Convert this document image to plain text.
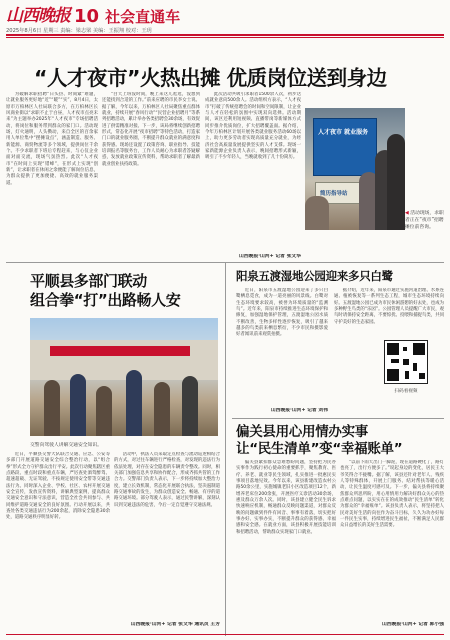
山西晚报 10 社会直通车
2025年8月6日 星期三 责编：梁志梁 美编：王振翔 校对：王玥
“人才夜市”火热出摊 优质岗位送到身边

为破解求职招聘“日头热、时间紧”难题，让就业服务更好地“近”“暖”“实”，8月4日，太原市万柏林区人社局联合多方，在万柏林区长风商业街以“求职不止于白昼，人才夜市点亮未来”为主题举办2025年“人才夜市”专场招聘活动，将岗位和服务带到群众的家门口。活动现场，灯火通明，人头攒动，来自全区的百余家用人单位集中“摆摊设点”，涵盖制造、服务、新能源、商贸物流等多个领域，提供岗位千余个。不少求职者下班后专程赶来，与心仪企业面对面交流，现场气氛热烈。此次“人才夜市”在时间上实现“错峰”，在形式上实现“创新”，让求职者在休闲之余便能了解岗位信息，为群众提供了更加便捷、高效的就业服务渠道。

“白天上班没时间，晚上来这儿逛逛，没想到还能找到合适的工作。”前来应聘的市民李女士说。据了解，今年以来，万柏林区人社局聚焦重点群体就业，持续开展“春风行动”“民营企业招聘月”等系列招聘活动，累计举办各类招聘会30余场，有效促进了供需精准对接。下一步，该局将继续创新招聘形式，常态化开展“夜市招聘”等特色活动，打造家门口的就业服务圈，不断提升群众就业的满意度和获得感。现场还设置了政策咨询、职业指导、技能培训报名等服务台，工作人员耐心为求职者答疑解惑，发放就业政策宣传资料，帮助求职者了解最新就业创业扶持政策。

此次活动共吸引求职者1500余人次，初步达成就业意向500余人。活动组织方表示，“人才夜市”打破了传统招聘会的时间和空间限制，让企业与人才在轻松的氛围中实现双向选择。活动期间，该区还利用短视频、直播带岗等新媒体方式同步推介优质岗位，扩大招聘覆盖面。据介绍，今年万柏林区计划开展各类就业服务活动60场以上，助力更多劳动者实现高质量充分就业，为经济社会高质量发展提供坚实的人才支撑。现场一家新能源企业负责人表示，晚间招聘形式新颖，吸引了不少年轻人，当晚就收到了几十份简历。

山西晚报·山河+ 记者 张文华
人才夜市 就业服务
简历指导站
◀ 活动现场，求职者正在“夜市”招聘摊位前咨询。
平顺县多部门联动
组合拳“打”出路畅人安
交警向驾驶人讲解交通安全知识。

近日，平顺县交警大队联合交通、应急、公安等多部门开展道路交通安全综合整治行动，以“组合拳”形式全力守护群众出行平安。此次行动聚焦辖区重点路段、重点时段和重点车辆，严厉查处酒驾醉驾、超速超载、无证驾驶、不按规定使用安全带等交通违法行为。同时深入企业、学校、社区、农村开展交通安全宣传，发放宣传资料，讲解典型案例，提高群众交通安全意识和守法意识，营造全社会共同参与、共同维护道路交通安全的良好氛围。行动开展以来，共查处各类交通违法行为200余起，消除安全隐患30余处，道路交通秩序明显好转。

活动中，执法人员采取定点检查与流动巡逻相结合的方式，对过往车辆进行严格检查，对发现的违法行为依法处理，对存在安全隐患的车辆责令整改。同时，相关部门加强信息共享和协作配合，形成齐抓共管的工作合力。交警部门负责人表示，下一步将持续加大整治力度，建立长效机制，常态化开展联合执法，坚决遏制道路交通事故的发生，为群众创造安全、畅通、有序的道路交通环境。部分驾驶人表示，通过民警讲解，深刻认识到交通违法的危害，今后一定自觉遵守交通法规。

山西晚报·山河+ 记者 张文华 通讯员 王芳
阳泉五渡湿地公园迎来多只白鹭

近日，阳泉市五渡湿地公园迎来了多只白鹭栖息觅食，成为一道亮丽的风景线。白鹭对生态环境要求较高，被誉为环境质量的“监测鸟”。近年来，阳泉市持续推进生态环境保护和修复，加强湿地保护管理，五渡湿地公园水质不断改善，生物多样性逐步恢复，吸引了越来越多的鸟类前来栖息繁衍，不少市民和摄影爱好者闻讯前来观赏拍摄。

据介绍，近年来，阳泉市通过实施河道治理、水系连通、植被恢复等一系列生态工程，城市生态环境持续向好。五渡湿地公园已成为市民休闲游憩的好去处，也成为多种野生鸟类的“乐园”。公园管理人员提醒广大市民，观鸟时请保持安全距离，不要惊扰、投喂和捕捉鸟类，共同守护美好的生态家园。

山西晚报·山河+ 记者 刘伟
扫码看视频
偏关县用心用情办实事
让“民生清单”变“幸福账单”

偏关县紧扣群众急难愁盼问题，坚持把为民办实事作为践行初心使命的重要抓手，聚焦教育、医疗、养老、就业等民生领域，扎实推进一批惠民实事项目落地见效。今年以来，该县新建改造农村公路50余公里，实施城镇老旧小区改造项目12个，新增养老床位200余张，开展医疗义诊活动30余场，惠及群众万余人次。同时，该县建立健全民生诉求快速响应机制，畅通群众反映问题渠道，对群众反映的问题做到件件有回音、事事有着落，切实把好事办好、实事办实，不断提升群众的获得感、幸福感和安全感。在就业方面，该县积极开展技能培训和招聘活动，帮助群众实现家门口就业。

“以前下雨天出门一脚泥，现在道路硬化了，路灯也亮了，出行方便多了。”说起身边的变化，居民王大爷笑得合不拢嘴。据了解，该县还针对老年人、残疾人等特殊群体，开展上门服务、结对帮扶等暖心活动，让民生温度可感可及。下一步，偏关县将持续聚焦群众所思所盼，用心用情用力解决好群众关心的热点难点问题，以实实在在的成效推动“民生清单”转化为群众的“幸福账单”。该县负责人表示，将坚持把人民对美好生活的向往作为奋斗目标，久久为功办好每一件民生实事，持续增进民生福祉，不断满足人民群众日益增长的美好生活需要。

山西晚报·山河+ 记者 郭小强
